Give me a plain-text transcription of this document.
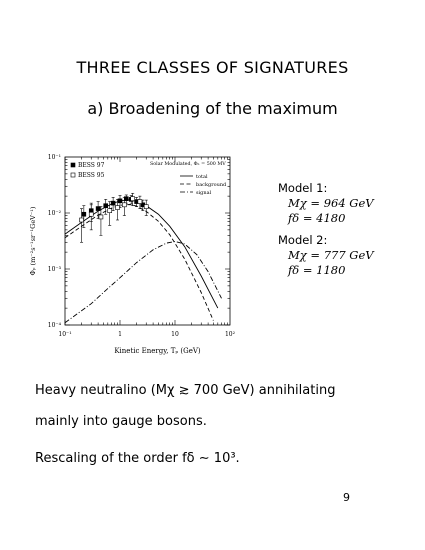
THREE CLASSES OF SIGNATURES
a) Broadening of the maximum
10⁻¹	1	10	10²
10⁻¹
10⁻²
10⁻³
10⁻⁴
Kinetic Energy, Tₚ (GeV)
Φₚ (m⁻²s⁻¹sr⁻¹GeV⁻¹)
BESS 97
BESS 95
Solar Modulated, Φₙ = 500 MV
total
background
signal	Model 1:
Mχ = 964 GeV
fδ = 4180
Model 2:
Mχ = 777 GeV
fδ = 1180
Heavy neutralino (Mχ ≳ 700 GeV) annihilating
mainly into gauge bosons.
Rescaling of the order fδ ∼ 10³.
9
